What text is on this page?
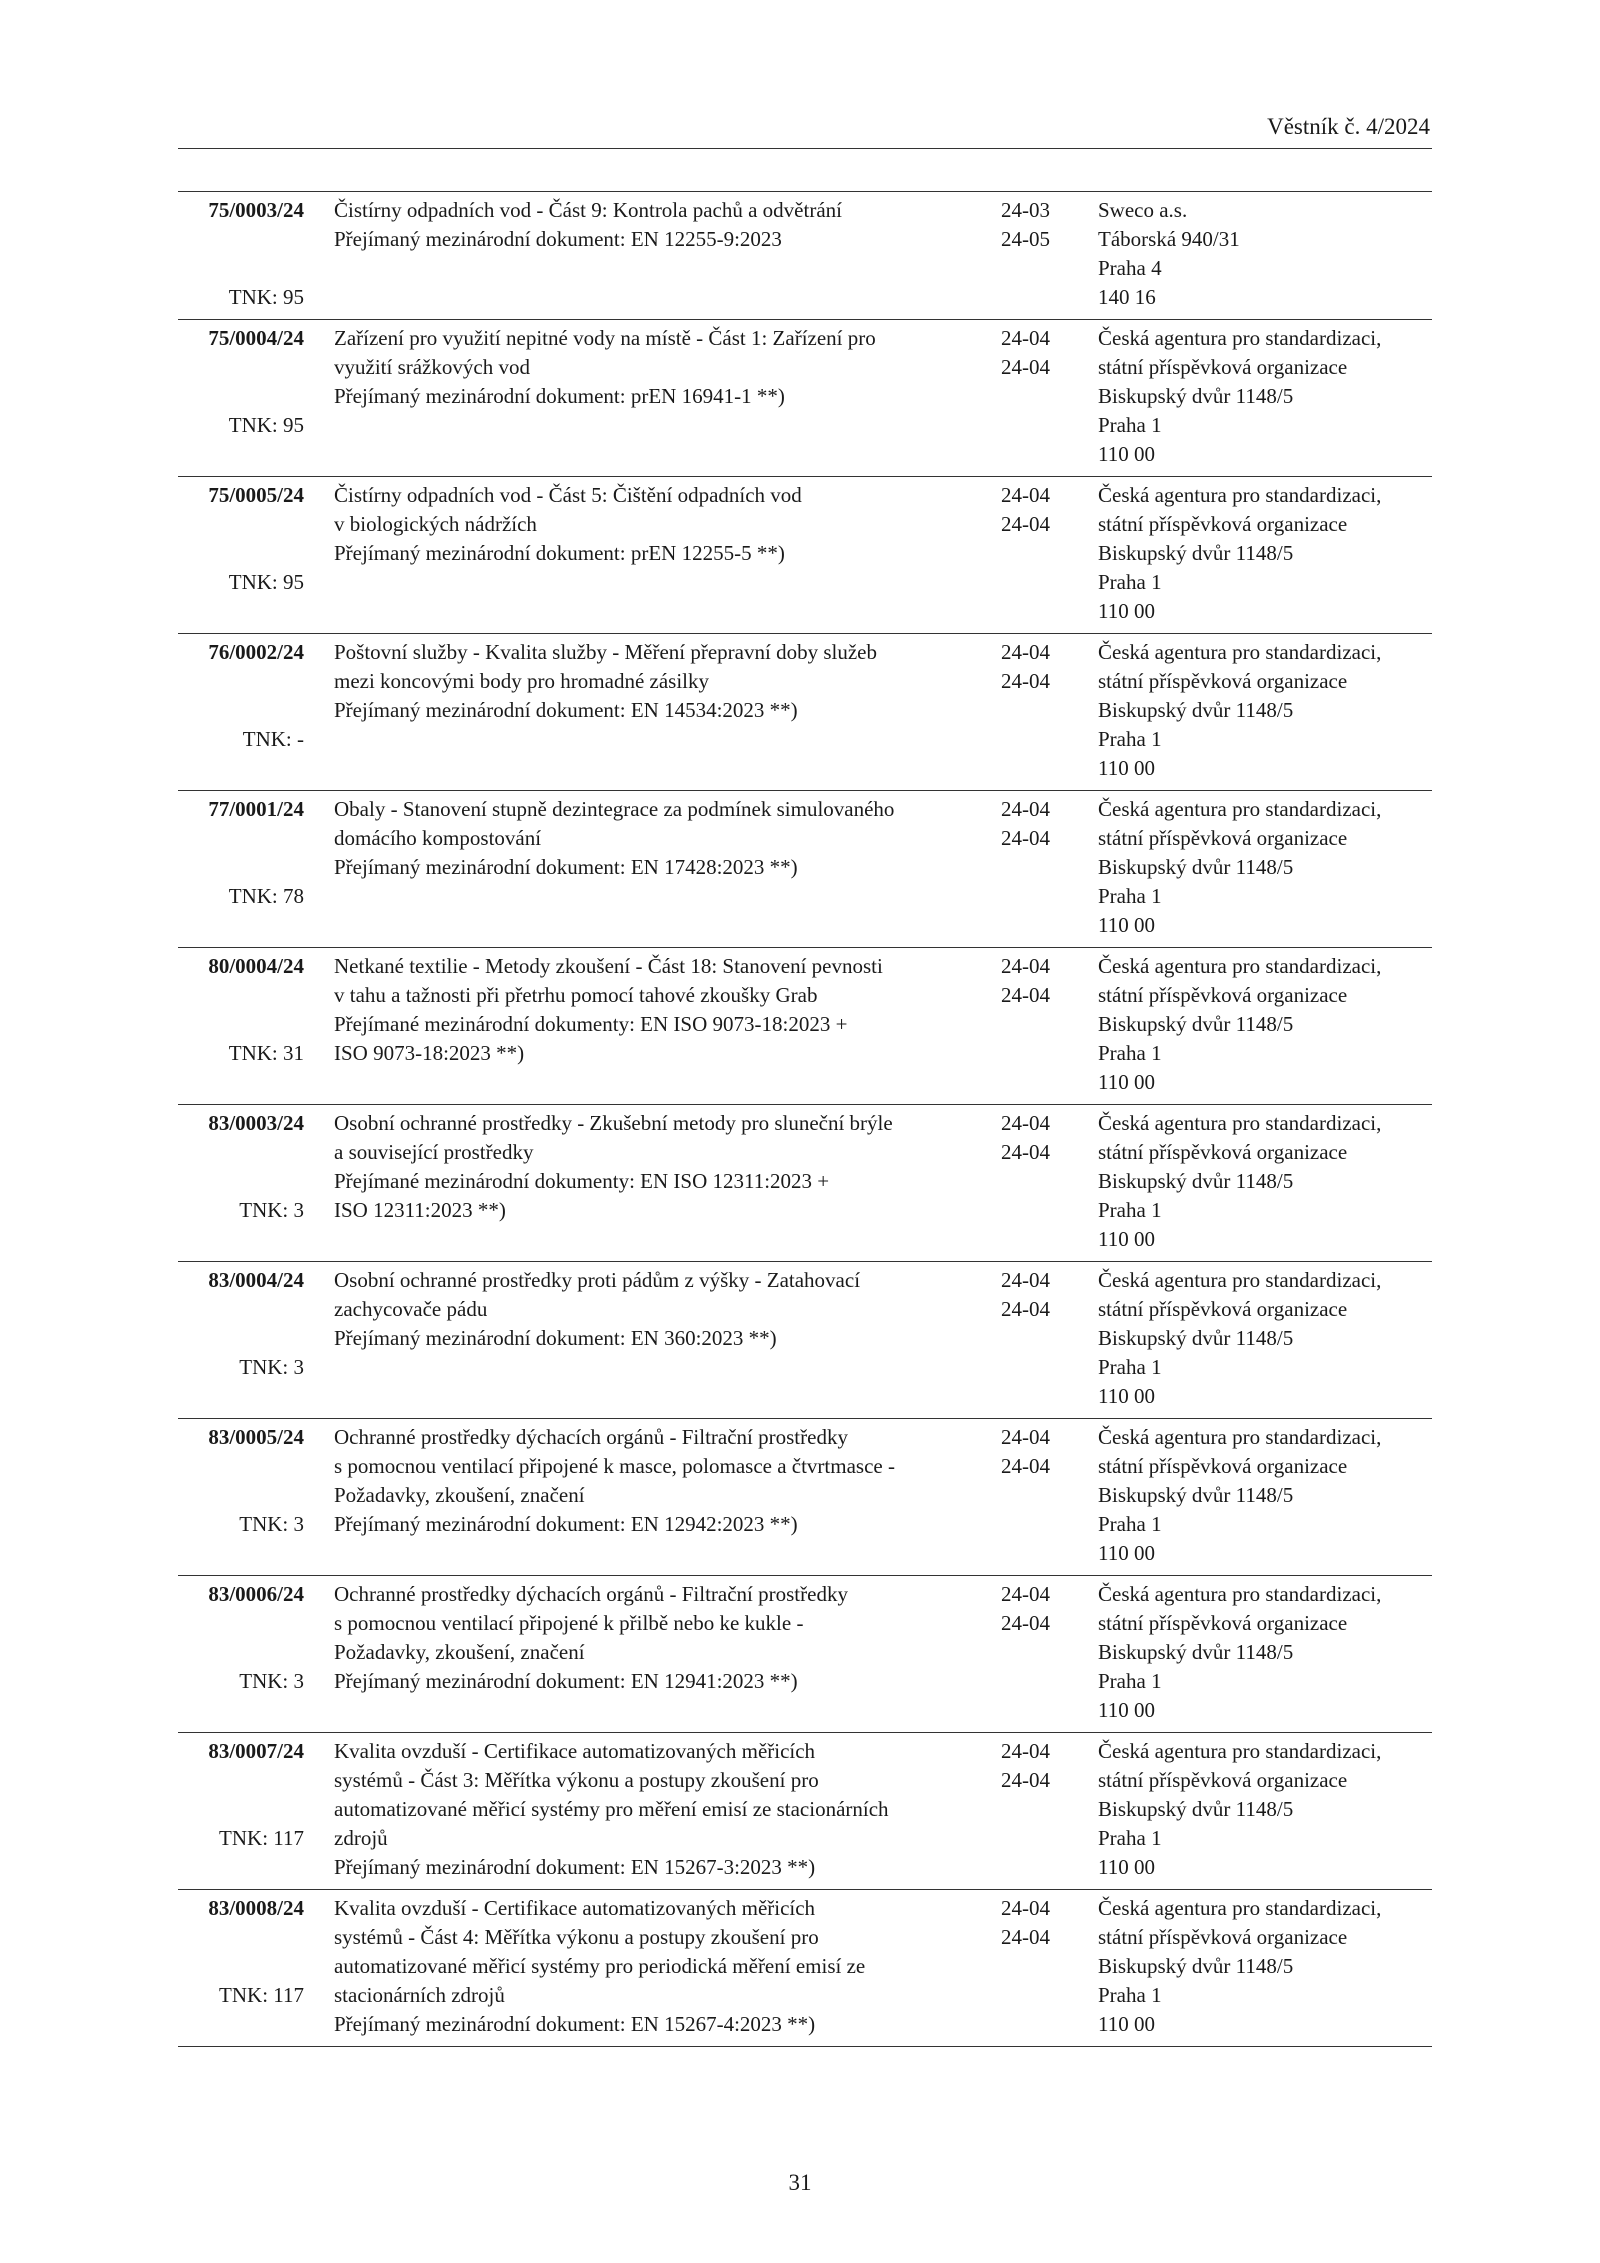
Věstník č. 4/2024
75/0003/24
TNK: 95
Čistírny odpadních vod - Část 9: Kontrola pachů a odvětrání
Přejímaný mezinárodní dokument: EN 12255-9:2023
24-03
24-05
Sweco a.s.
Táborská 940/31
Praha 4
140 16
75/0004/24
TNK: 95
Zařízení pro využití nepitné vody na místě - Část 1: Zařízení pro
využití srážkových vod
Přejímaný mezinárodní dokument: prEN 16941-1 **)
24-04
24-04
Česká agentura pro standardizaci,
státní příspěvková organizace
Biskupský dvůr 1148/5
Praha 1
110 00
75/0005/24
TNK: 95
Čistírny odpadních vod - Část 5: Čištění odpadních vod
v biologických nádržích
Přejímaný mezinárodní dokument: prEN 12255-5 **)
24-04
24-04
Česká agentura pro standardizaci,
státní příspěvková organizace
Biskupský dvůr 1148/5
Praha 1
110 00
76/0002/24
TNK: -
Poštovní služby - Kvalita služby - Měření přepravní doby služeb
mezi koncovými body pro hromadné zásilky
Přejímaný mezinárodní dokument: EN 14534:2023 **)
24-04
24-04
Česká agentura pro standardizaci,
státní příspěvková organizace
Biskupský dvůr 1148/5
Praha 1
110 00
77/0001/24
TNK: 78
Obaly - Stanovení stupně dezintegrace za podmínek simulovaného
domácího kompostování
Přejímaný mezinárodní dokument: EN 17428:2023 **)
24-04
24-04
Česká agentura pro standardizaci,
státní příspěvková organizace
Biskupský dvůr 1148/5
Praha 1
110 00
80/0004/24
TNK: 31
Netkané textilie - Metody zkoušení - Část 18: Stanovení pevnosti
v tahu a tažnosti při přetrhu pomocí tahové zkoušky Grab
Přejímané mezinárodní dokumenty: EN ISO 9073-18:2023 +
ISO 9073-18:2023 **)
24-04
24-04
Česká agentura pro standardizaci,
státní příspěvková organizace
Biskupský dvůr 1148/5
Praha 1
110 00
83/0003/24
TNK: 3
Osobní ochranné prostředky - Zkušební metody pro sluneční brýle
a související prostředky
Přejímané mezinárodní dokumenty: EN ISO 12311:2023 +
ISO 12311:2023 **)
24-04
24-04
Česká agentura pro standardizaci,
státní příspěvková organizace
Biskupský dvůr 1148/5
Praha 1
110 00
83/0004/24
TNK: 3
Osobní ochranné prostředky proti pádům z výšky - Zatahovací
zachycovače pádu
Přejímaný mezinárodní dokument: EN 360:2023 **)
24-04
24-04
Česká agentura pro standardizaci,
státní příspěvková organizace
Biskupský dvůr 1148/5
Praha 1
110 00
83/0005/24
TNK: 3
Ochranné prostředky dýchacích orgánů - Filtrační prostředky
s pomocnou ventilací připojené k masce, polomasce a čtvrtmasce -
Požadavky, zkoušení, značení
Přejímaný mezinárodní dokument: EN 12942:2023 **)
24-04
24-04
Česká agentura pro standardizaci,
státní příspěvková organizace
Biskupský dvůr 1148/5
Praha 1
110 00
83/0006/24
TNK: 3
Ochranné prostředky dýchacích orgánů - Filtrační prostředky
s pomocnou ventilací připojené k přilbě nebo ke kukle -
Požadavky, zkoušení, značení
Přejímaný mezinárodní dokument: EN 12941:2023 **)
24-04
24-04
Česká agentura pro standardizaci,
státní příspěvková organizace
Biskupský dvůr 1148/5
Praha 1
110 00
83/0007/24
TNK: 117
Kvalita ovzduší - Certifikace automatizovaných měřicích
systémů - Část 3: Měřítka výkonu a postupy zkoušení pro
automatizované měřicí systémy pro měření emisí ze stacionárních
zdrojů
Přejímaný mezinárodní dokument: EN 15267-3:2023 **)
24-04
24-04
Česká agentura pro standardizaci,
státní příspěvková organizace
Biskupský dvůr 1148/5
Praha 1
110 00
83/0008/24
TNK: 117
Kvalita ovzduší - Certifikace automatizovaných měřicích
systémů - Část 4: Měřítka výkonu a postupy zkoušení pro
automatizované měřicí systémy pro periodická měření emisí ze
stacionárních zdrojů
Přejímaný mezinárodní dokument: EN 15267-4:2023 **)
24-04
24-04
Česká agentura pro standardizaci,
státní příspěvková organizace
Biskupský dvůr 1148/5
Praha 1
110 00
31
